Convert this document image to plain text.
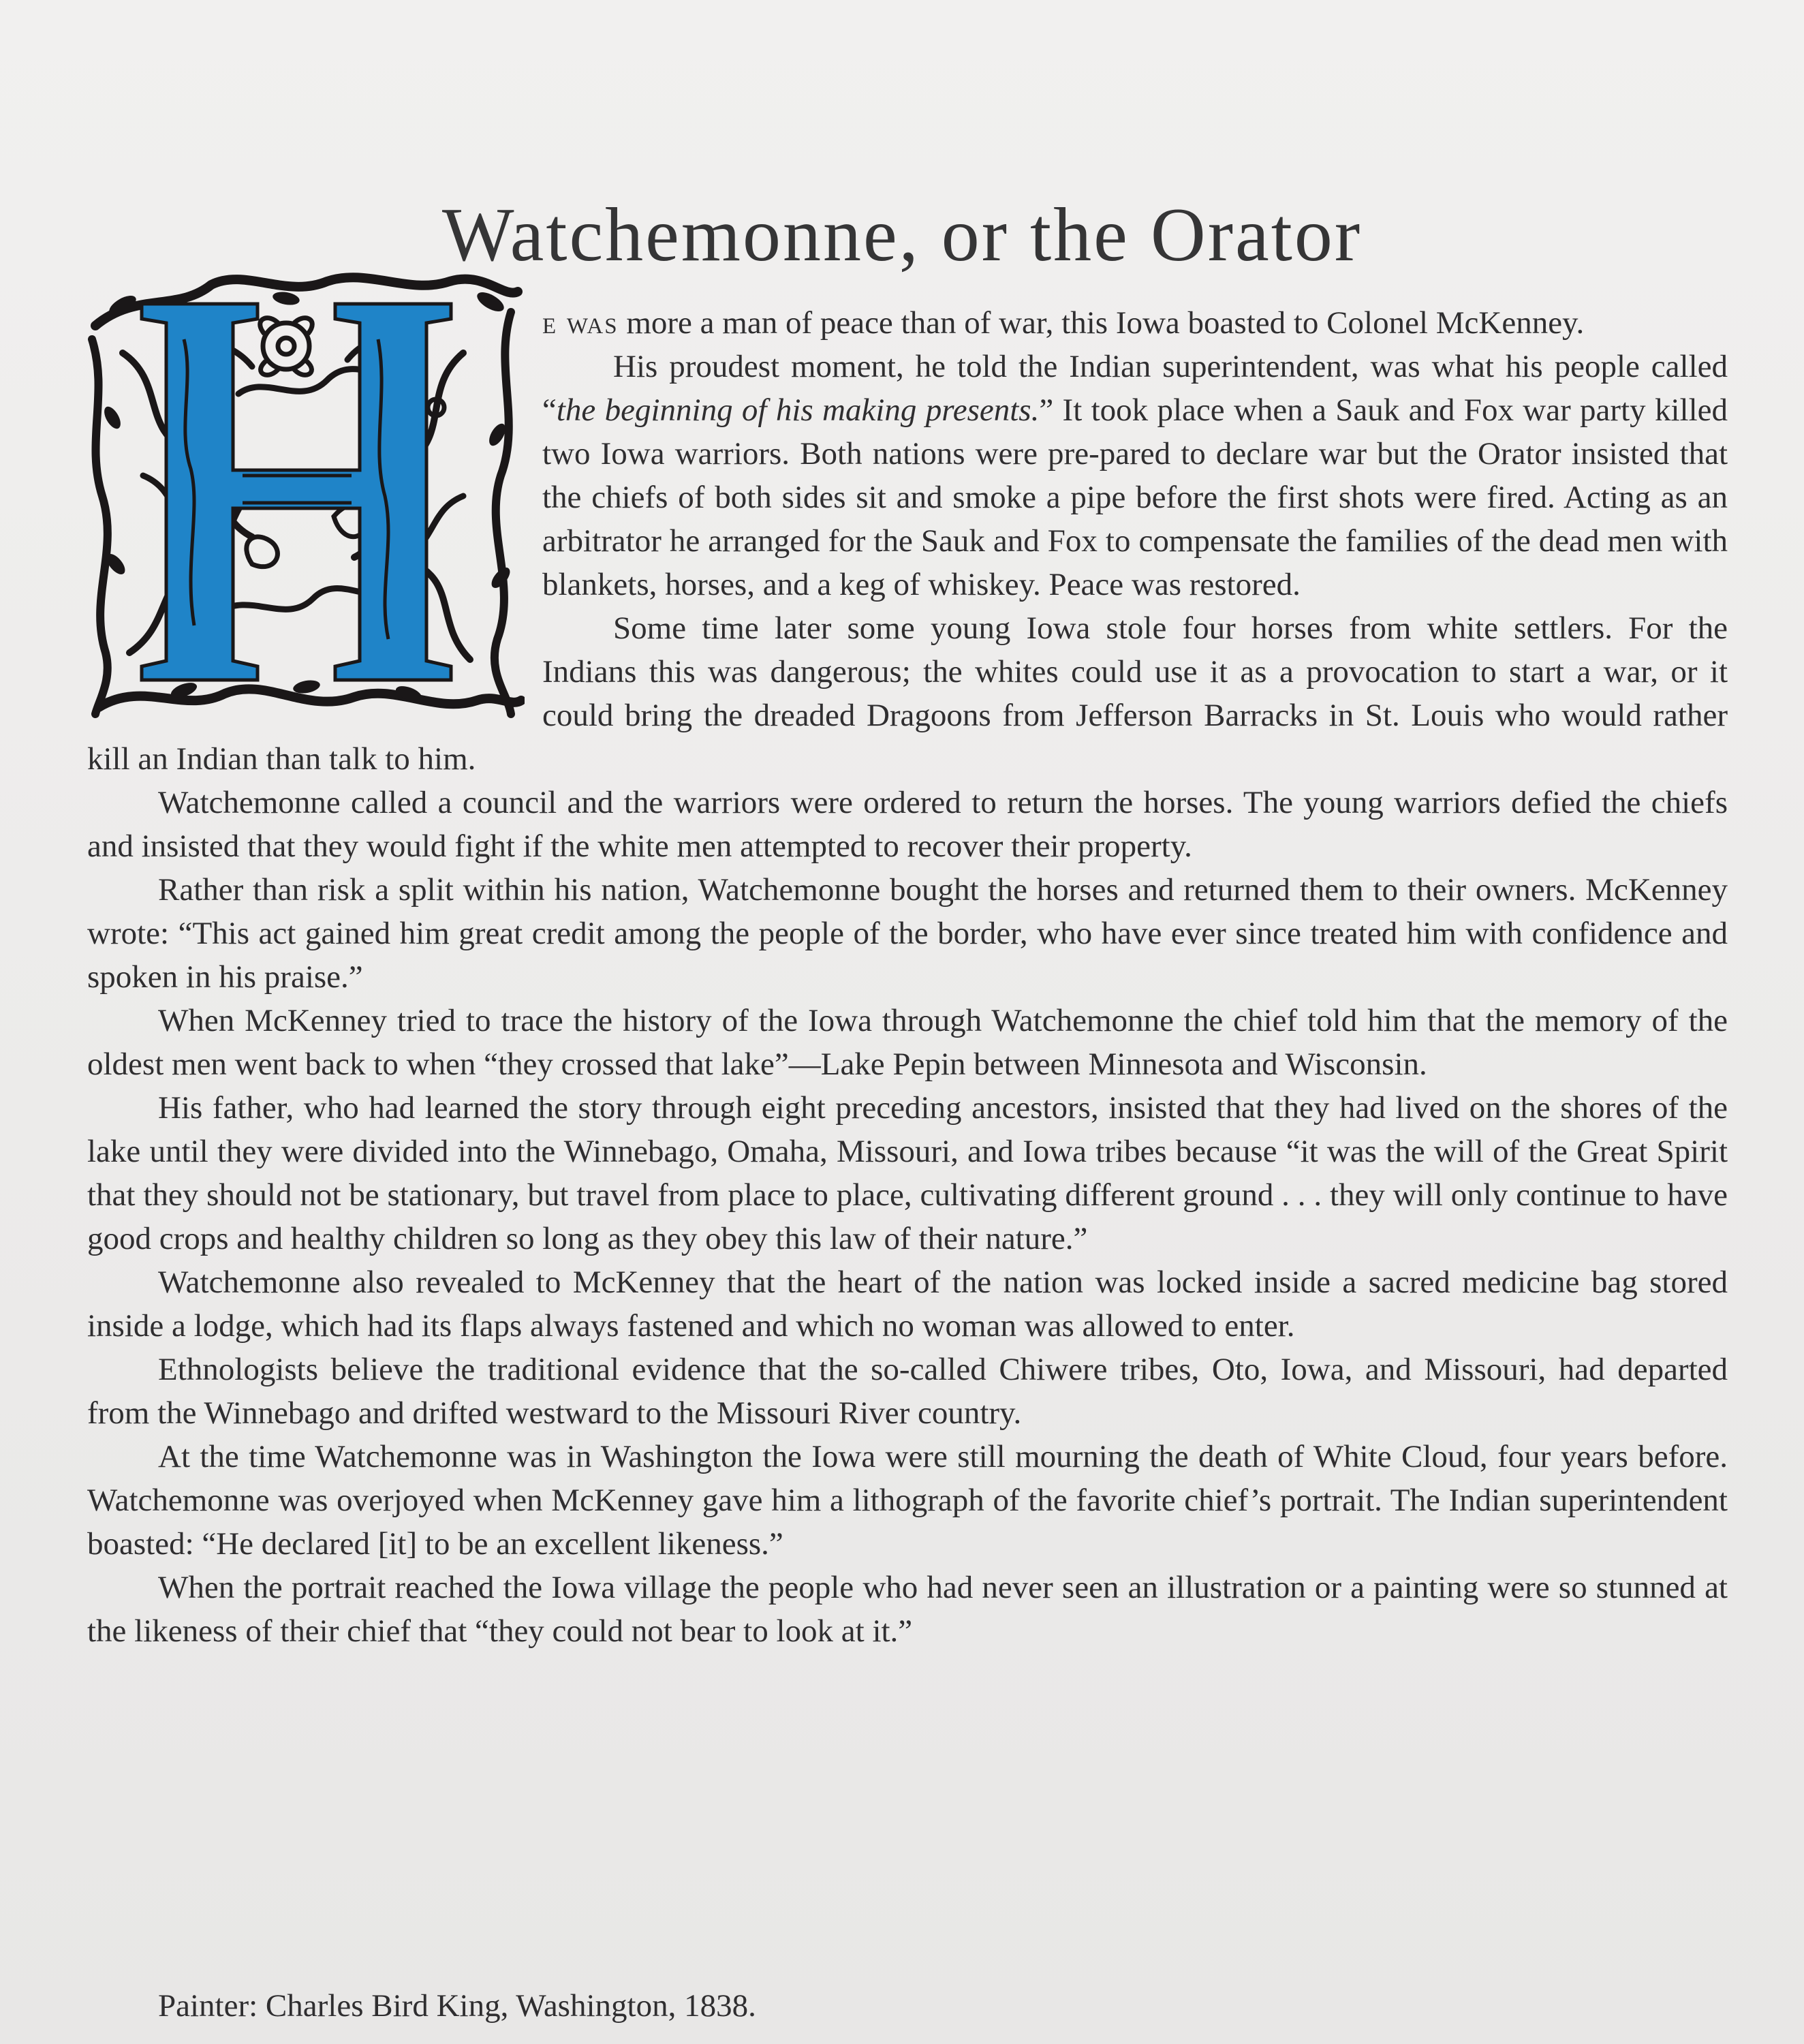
Watchemonne, or the Orator

e was more a man of peace than of war, this Iowa boasted to Colonel McKenney.

His proudest moment, he told the Indian superintendent, was what his people called “the beginning of his making presents.” It took place when a Sauk and Fox war party killed two Iowa warriors. Both nations were pre-pared to declare war but the Orator insisted that the chiefs of both sides sit and smoke a pipe before the first shots were fired. Acting as an arbitrator he arranged for the Sauk and Fox to compensate the families of the dead men with blankets, horses, and a keg of whiskey. Peace was restored.

Some time later some young Iowa stole four horses from white settlers. For the Indians this was dangerous; the whites could use it as a provocation to start a war, or it could bring the dreaded Dragoons from Jefferson Barracks in St. Louis who would rather kill an Indian than talk to him.

Watchemonne called a council and the warriors were ordered to return the horses. The young warriors defied the chiefs and insisted that they would fight if the white men attempted to recover their property.

Rather than risk a split within his nation, Watchemonne bought the horses and returned them to their owners. McKenney wrote: “This act gained him great credit among the people of the border, who have ever since treated him with confidence and spoken in his praise.”

When McKenney tried to trace the history of the Iowa through Watchemonne the chief told him that the memory of the oldest men went back to when “they crossed that lake”—Lake Pepin between Minnesota and Wisconsin.

His father, who had learned the story through eight preceding ancestors, insisted that they had lived on the shores of the lake until they were divided into the Winnebago, Omaha, Missouri, and Iowa tribes because “it was the will of the Great Spirit that they should not be stationary, but travel from place to place, cultivating different ground . . . they will only continue to have good crops and healthy children so long as they obey this law of their nature.”

Watchemonne also revealed to McKenney that the heart of the nation was locked inside a sacred medicine bag stored inside a lodge, which had its flaps always fastened and which no woman was allowed to enter.

Ethnologists believe the traditional evidence that the so-called Chiwere tribes, Oto, Iowa, and Missouri, had departed from the Winnebago and drifted westward to the Missouri River country.

At the time Watchemonne was in Washington the Iowa were still mourning the death of White Cloud, four years before. Watchemonne was overjoyed when McKenney gave him a lithograph of the favorite chief’s portrait. The Indian superintendent boasted: “He declared [it] to be an excellent likeness.”

When the portrait reached the Iowa village the people who had never seen an illustration or a painting were so stunned at the likeness of their chief that “they could not bear to look at it.”

Painter: Charles Bird King, Washington, 1838.
